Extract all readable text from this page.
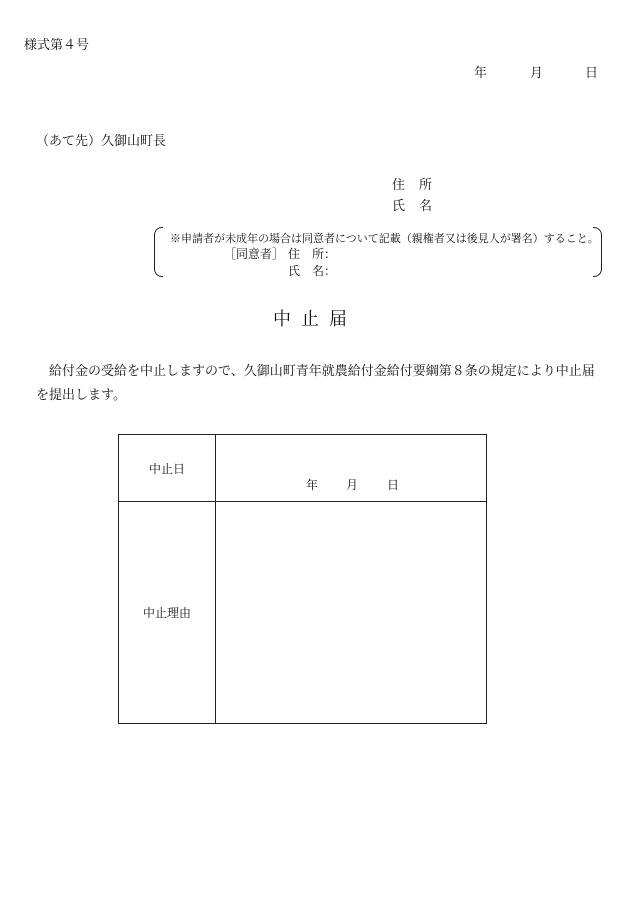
様式第４号
年	月	日
（あて先）久御山町長
住所
氏名
※申請者が未成年の場合は同意者について記載（親権者又は後見人が署名）すること。
［同意者］ 住　所：
氏　名：
中止届
給付金の受給を中止しますので、久御山町青年就農給付金給付要綱第８条の規定により中止届を提出します。
中止日	年 月 日

中止理由	
